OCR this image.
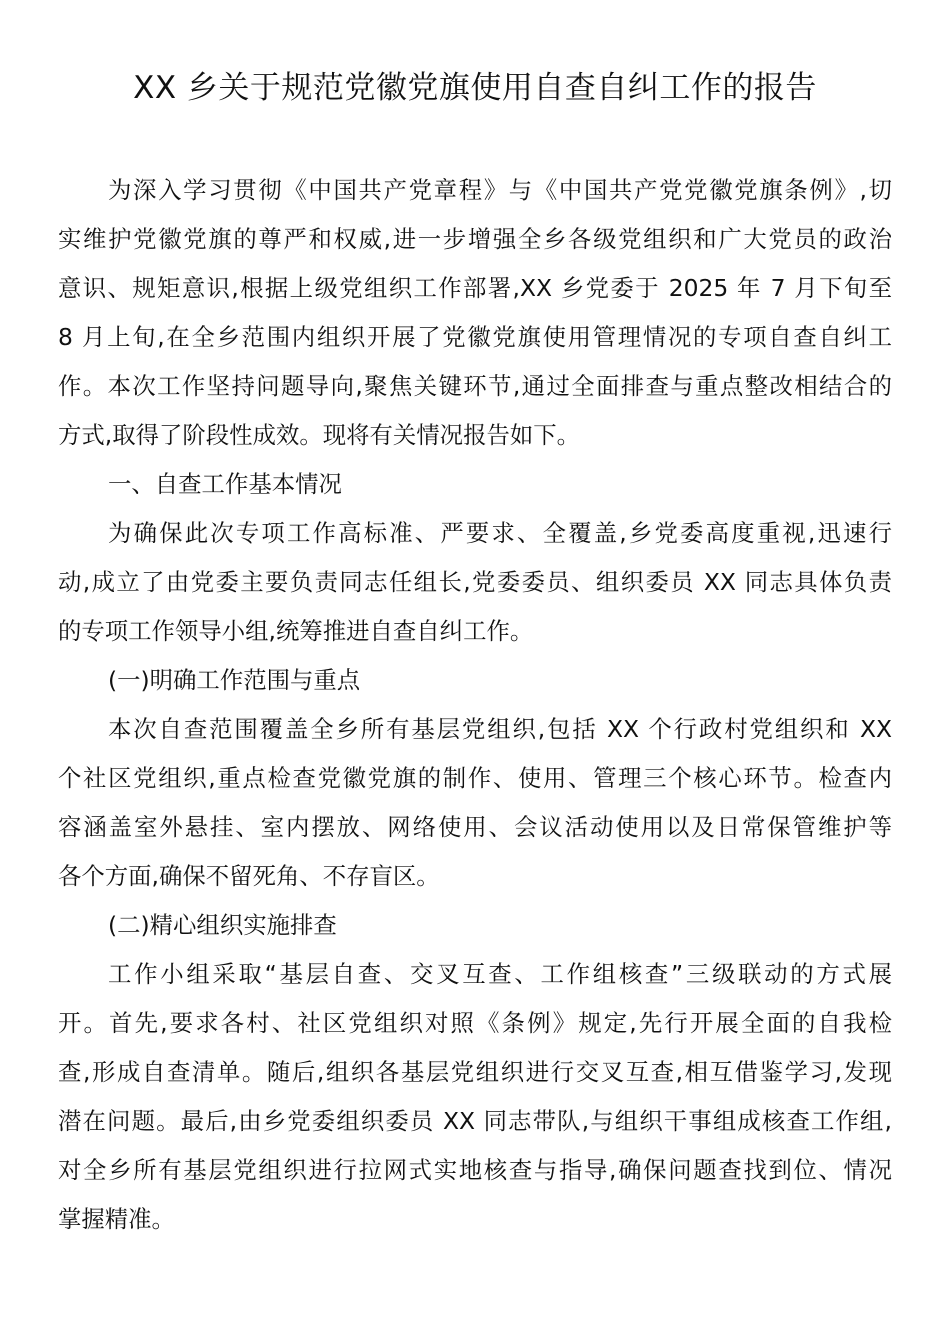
XX 乡关于规范党徽党旗使用自查自纠工作的报告
为深入学习贯彻《中国共产党章程》与《中国共产党党徽党旗条例》,切
实维护党徽党旗的尊严和权威,进一步增强全乡各级党组织和广大党员的政治
意识、规矩意识,根据上级党组织工作部署,XX 乡党委于 2025 年 7 月下旬至
8 月上旬,在全乡范围内组织开展了党徽党旗使用管理情况的专项自查自纠工
作。本次工作坚持问题导向,聚焦关键环节,通过全面排查与重点整改相结合的
方式,取得了阶段性成效。现将有关情况报告如下。
一、自查工作基本情况
为确保此次专项工作高标准、严要求、全覆盖,乡党委高度重视,迅速行
动,成立了由党委主要负责同志任组长,党委委员、组织委员 XX 同志具体负责
的专项工作领导小组,统筹推进自查自纠工作。
(一)明确工作范围与重点
本次自查范围覆盖全乡所有基层党组织,包括 XX 个行政村党组织和 XX
个社区党组织,重点检查党徽党旗的制作、使用、管理三个核心环节。检查内
容涵盖室外悬挂、室内摆放、网络使用、会议活动使用以及日常保管维护等
各个方面,确保不留死角、不存盲区。
(二)精心组织实施排查
工作小组采取“基层自查、交叉互查、工作组核查”三级联动的方式展
开。首先,要求各村、社区党组织对照《条例》规定,先行开展全面的自我检
查,形成自查清单。随后,组织各基层党组织进行交叉互查,相互借鉴学习,发现
潜在问题。最后,由乡党委组织委员 XX 同志带队,与组织干事组成核查工作组,
对全乡所有基层党组织进行拉网式实地核查与指导,确保问题查找到位、情况
掌握精准。
